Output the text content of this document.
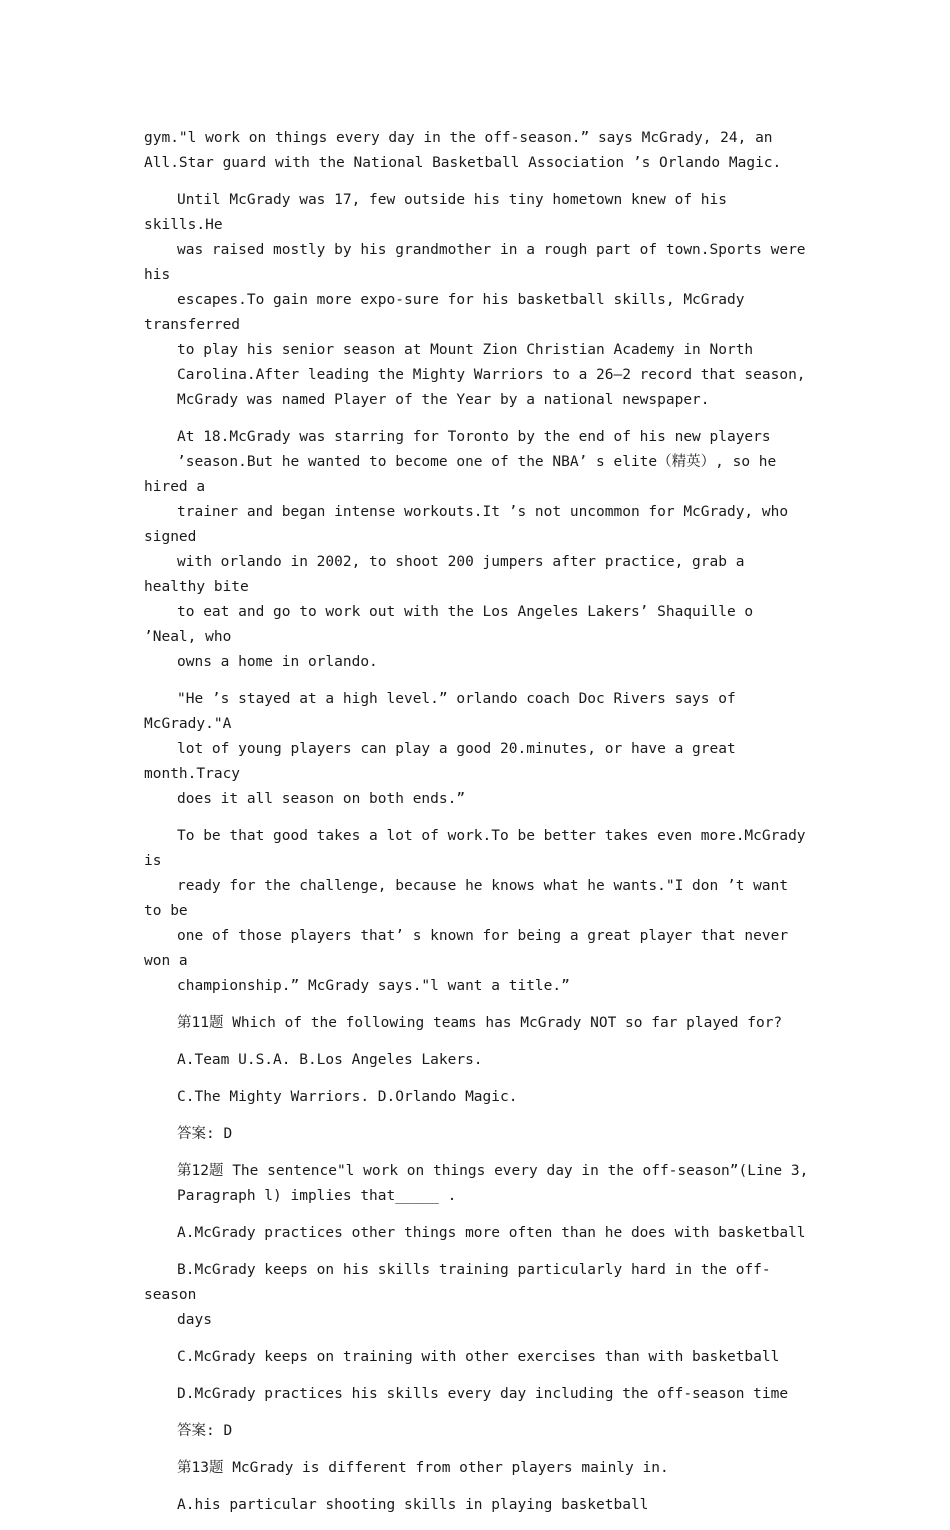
gym."l work on things every day in the off-season.” says McGrady, 24, an
All.Star guard with the National Basketball Association ’s Orlando Magic.

Until McGrady was 17, few outside his tiny hometown knew of his skills.He
was raised mostly by his grandmother in a rough part of town.Sports were his
escapes.To gain more expo-sure for his basketball skills, McGrady transferred
to play his senior season at Mount Zion Christian Academy in North
Carolina.After leading the Mighty Warriors to a 26—2 record that season,
McGrady was named Player of the Year by a national newspaper.

At 18.McGrady was starring for Toronto by the end of his new players
’season.But he wanted to become one of the NBA’ s elite（精英）, so he hired a
trainer and began intense workouts.It ’s not uncommon for McGrady, who signed
with orlando in 2002, to shoot 200 jumpers after practice, grab a healthy bite
to eat and go to work out with the Los Angeles Lakers’ Shaquille o ’Neal, who
owns a home in orlando.

"He ’s stayed at a high level.” orlando coach Doc Rivers says of McGrady."A
lot of young players can play a good 20.minutes, or have a great month.Tracy
does it all season on both ends.”

To be that good takes a lot of work.To be better takes even more.McGrady is
ready for the challenge, because he knows what he wants."I don ’t want to be
one of those players that’ s known for being a great player that never won a
championship.” McGrady says."l want a title.”

第11题 Which of the following teams has McGrady NOT so far played for?

A.Team U.S.A. B.Los Angeles Lakers.

C.The Mighty Warriors. D.Orlando Magic.

答案: D

第12题 The sentence"l work on things every day in the off-season”(Line 3,
Paragraph l) implies that_____ .

A.McGrady practices other things more often than he does with basketball

B.McGrady keeps on his skills training particularly hard in the off-season
days

C.McGrady keeps on training with other exercises than with basketball

D.McGrady practices his skills every day including the off-season time

答案: D

第13题 McGrady is different from other players mainly in.

A.his particular shooting skills in playing basketball
